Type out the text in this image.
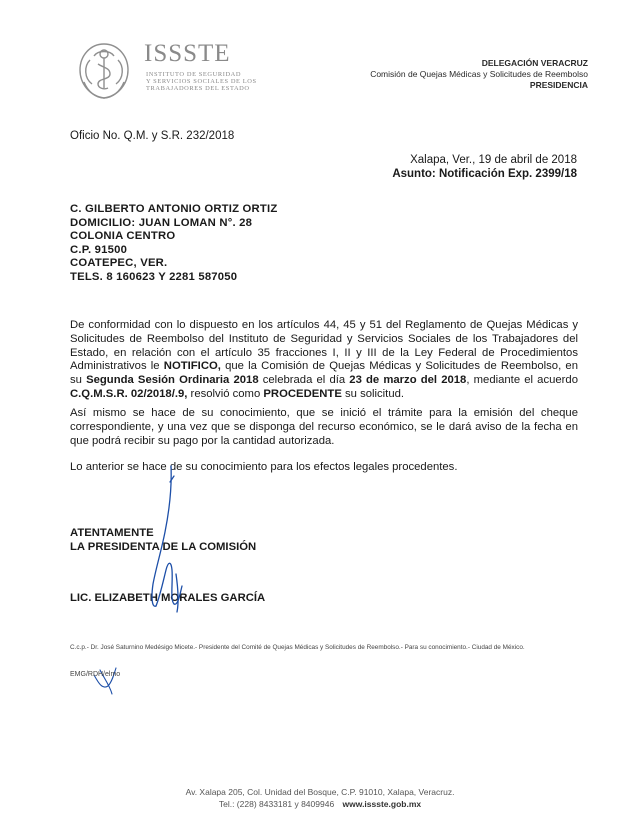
ISSSTE
INSTITUTO DE SEGURIDAD
Y SERVICIOS SOCIALES DE LOS
TRABAJADORES DEL ESTADO
DELEGACIÓN VERACRUZ
Comisión de Quejas Médicas y Solicitudes de Reembolso
PRESIDENCIA
Oficio No. Q.M. y S.R. 232/2018
Xalapa, Ver., 19 de abril de 2018
Asunto: Notificación Exp. 2399/18
C. GILBERTO ANTONIO ORTIZ ORTIZ
DOMICILIO: JUAN LOMAN N°. 28
COLONIA CENTRO
C.P. 91500
COATEPEC, VER.
TELS. 8 160623 Y 2281 587050
De conformidad con lo dispuesto en los artículos 44, 45 y 51 del Reglamento de Quejas Médicas y Solicitudes de Reembolso del Instituto de Seguridad y Servicios Sociales de los Trabajadores del Estado, en relación con el artículo 35 fracciones I, II y III de la Ley Federal de Procedimientos Administrativos le NOTIFICO, que la Comisión de Quejas Médicas y Solicitudes de Reembolso, en su Segunda Sesión Ordinaria 2018 celebrada el día 23 de marzo del 2018, mediante el acuerdo C.Q.M.S.R. 02/2018/.9, resolvió como PROCEDENTE su solicitud.
Así mismo se hace de su conocimiento, que se inició el trámite para la emisión del cheque correspondiente, y una vez que se disponga del recurso económico, se le dará aviso de la fecha en que podrá recibir su pago por la cantidad autorizada.
Lo anterior se hace de su conocimiento para los efectos legales procedentes.
ATENTAMENTE
LA PRESIDENTA DE LA COMISIÓN
LIC. ELIZABETH MORALES GARCÍA
C.c.p.- Dr. José Saturnino Medésigo Micete.- Presidente del Comité de Quejas Médicas y Solicitudes de Reembolso.- Para su conocimiento.- Ciudad de México.
EMG/RDH/elmo
Av. Xalapa 205, Col. Unidad del Bosque, C.P. 91010, Xalapa, Veracruz.
Tel.: (228) 8433181 y 8409946 www.issste.gob.mx
